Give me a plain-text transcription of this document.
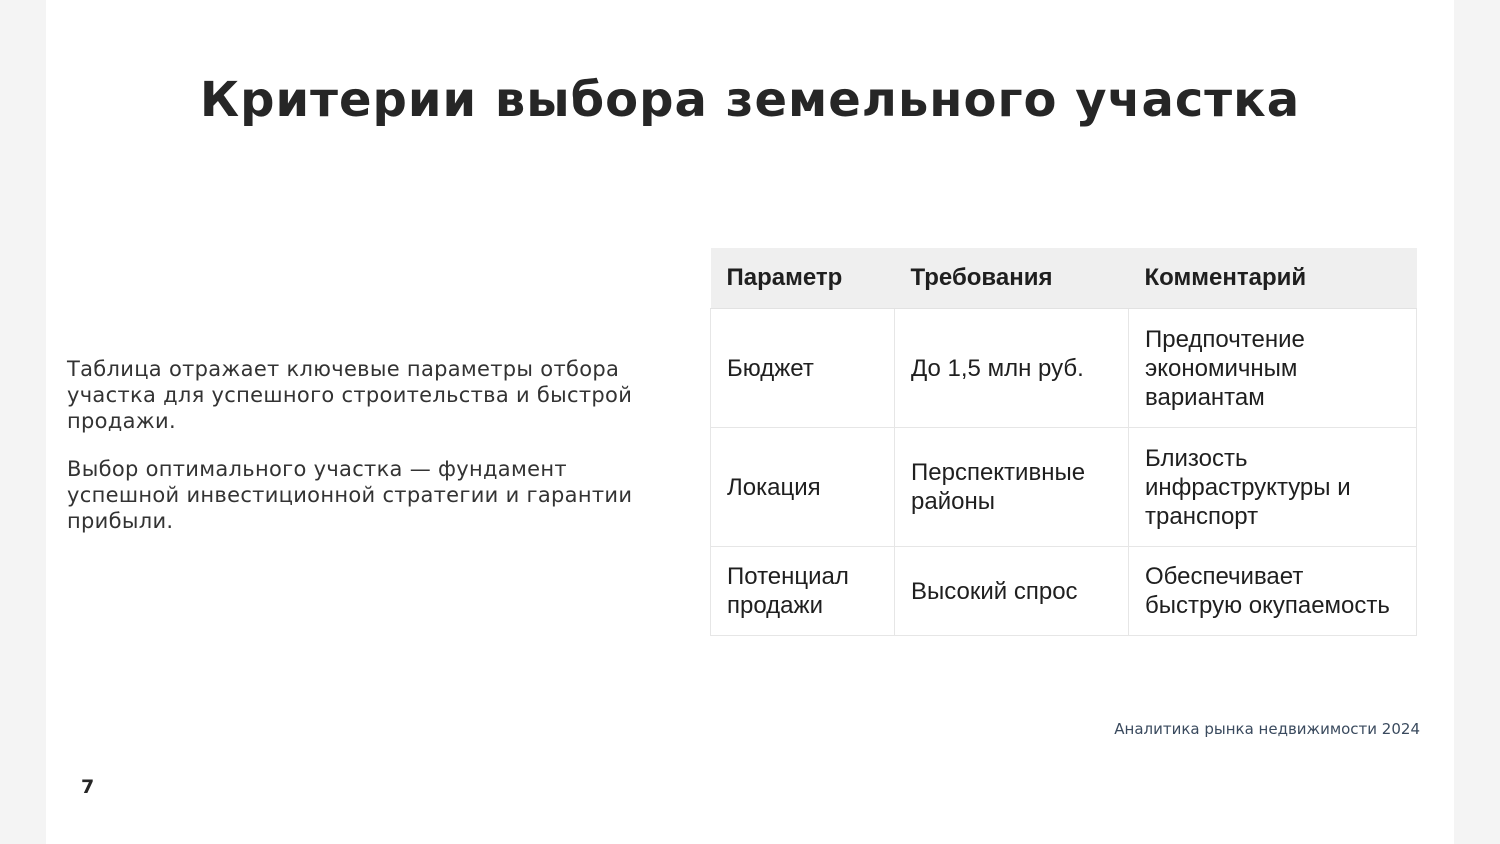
Критерии выбора земельного участка

Таблица отражает ключевые параметры отбора участка для успешного строительства и быстрой продажи.

Выбор оптимального участка — фундамент успешной инвестиционной стратегии и гарантии прибыли.

Параметр	Требования	Комментарий
Бюджет	До 1,5 млн руб.	Предпочтение экономичным вариантам
Локация	Перспективные районы	Близость инфраструктуры и транспорт
Потенциал продажи	Высокий спрос	Обеспечивает быструю окупаемость
Аналитика рынка недвижимости 2024
7
